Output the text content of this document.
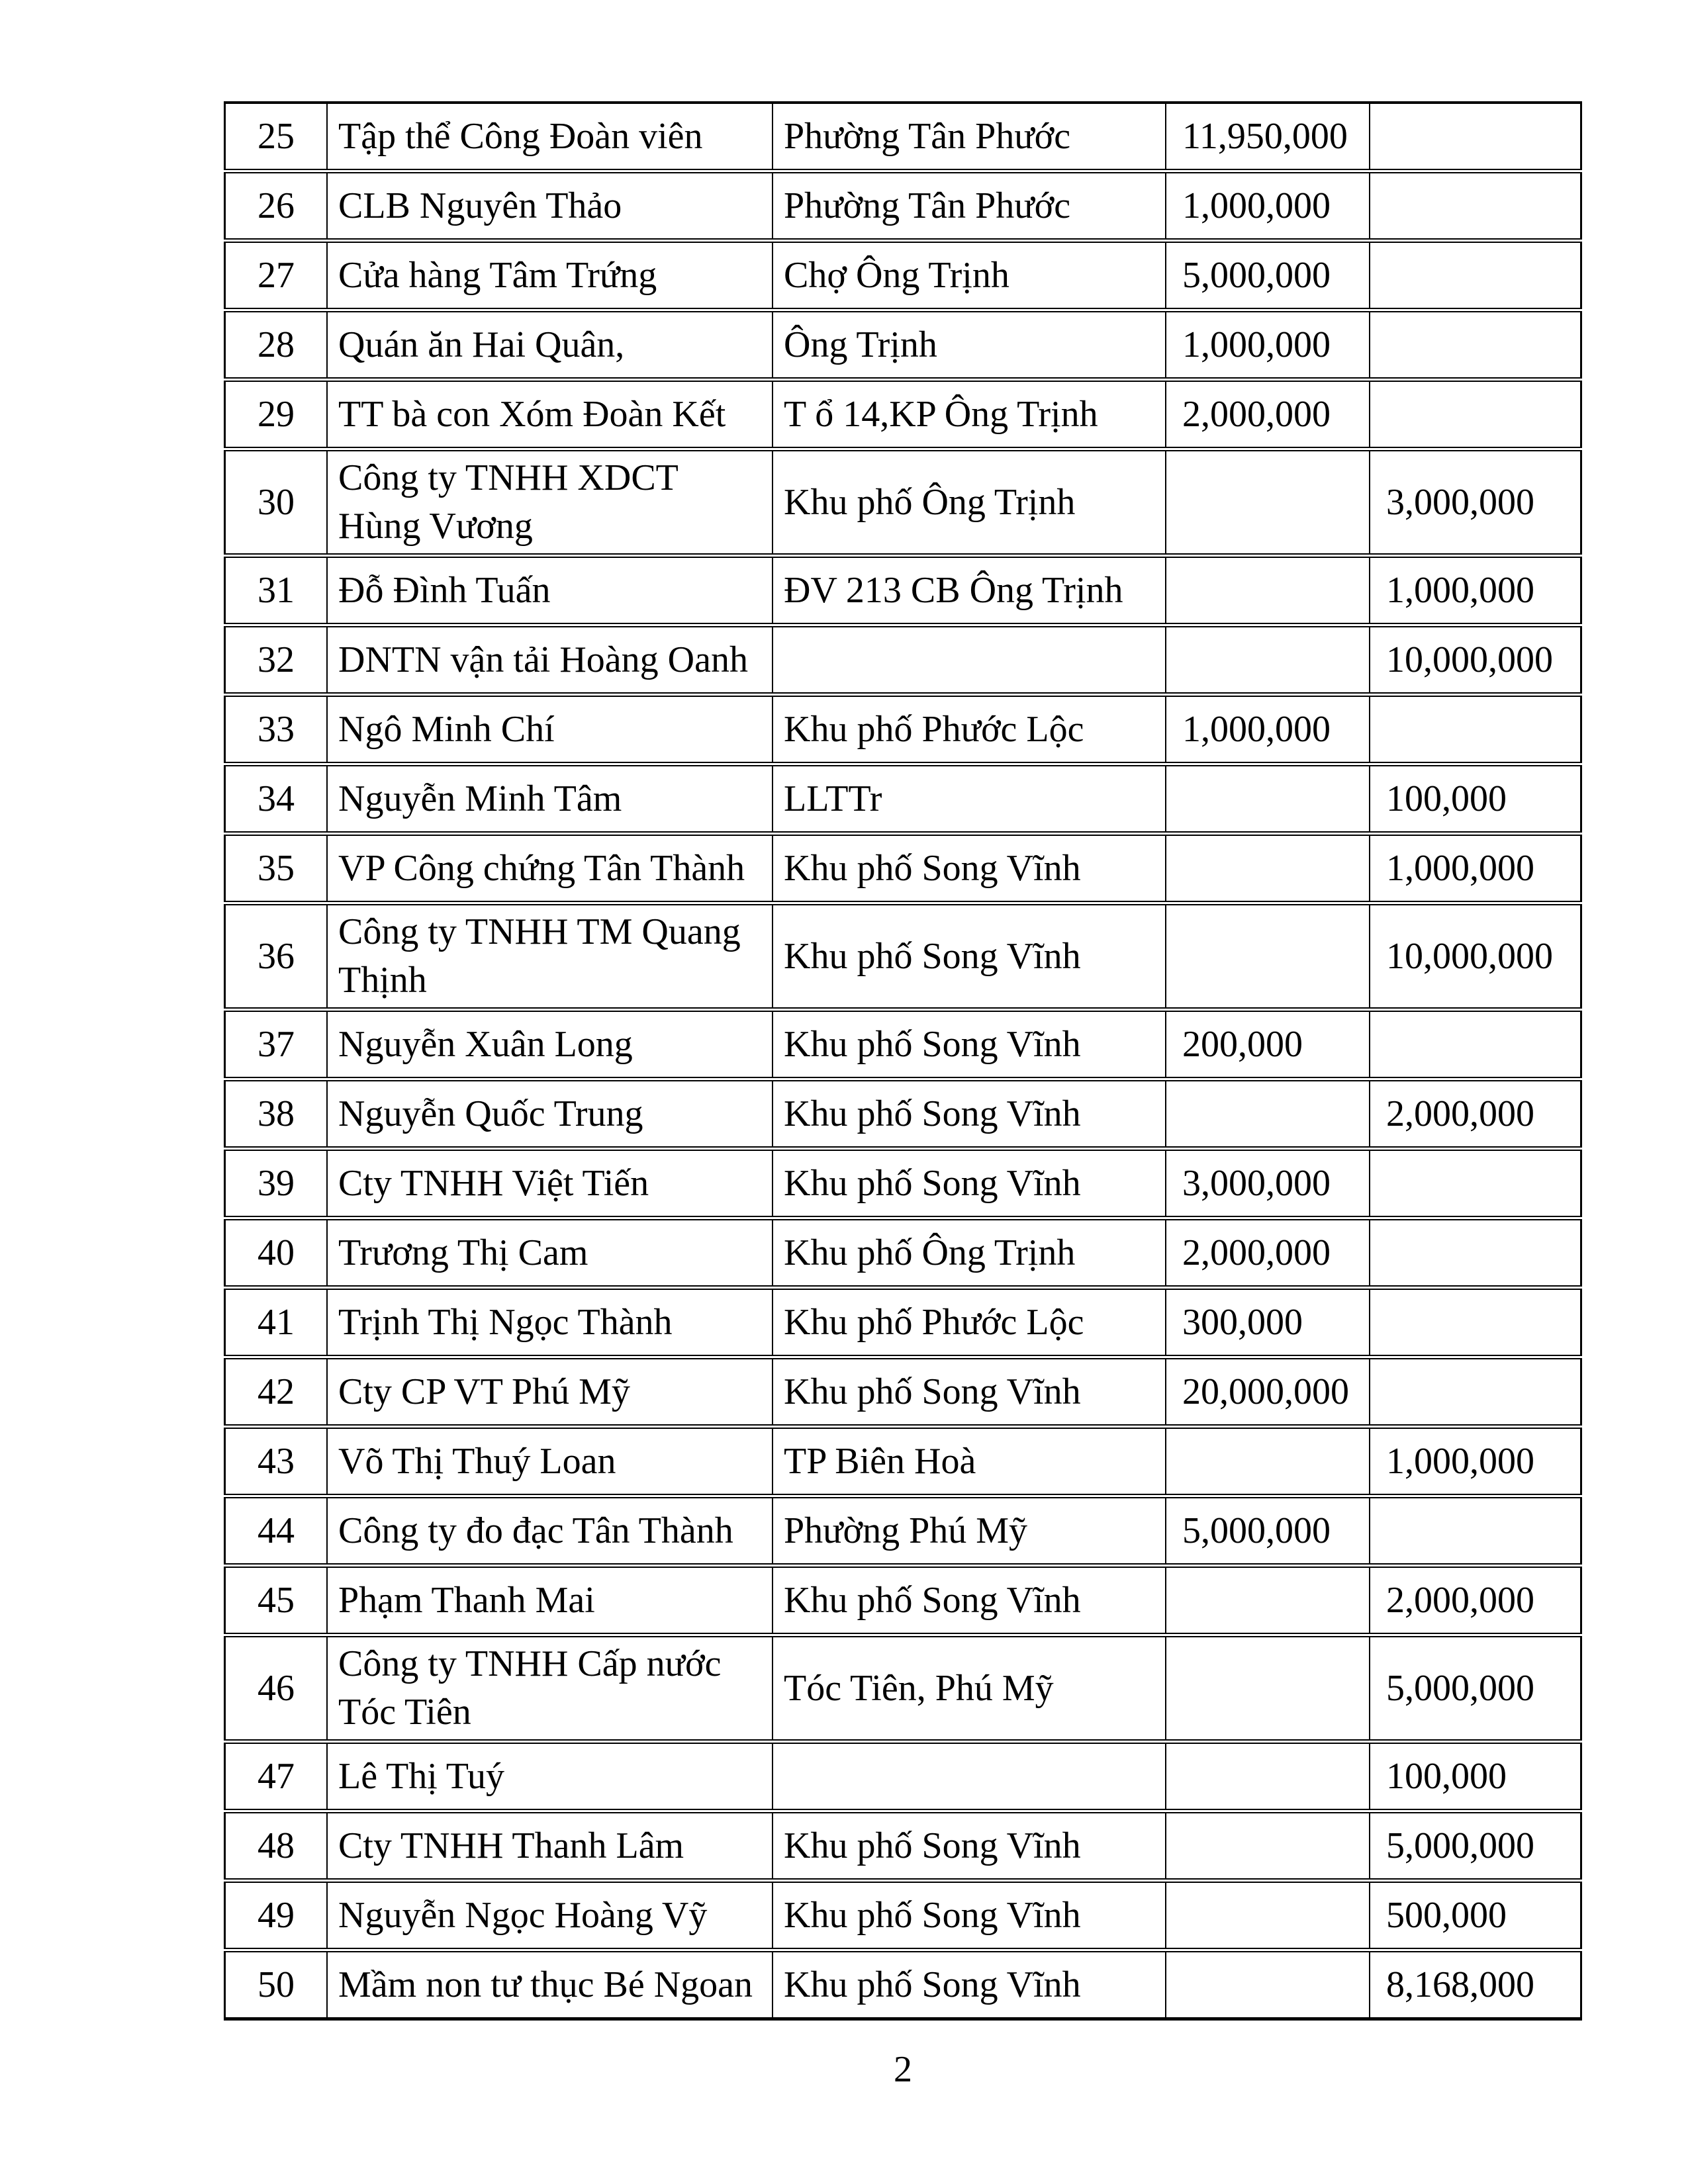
25	Tập thể Công Đoàn viên	Phường Tân Phước	11,950,000	
26	CLB Nguyên Thảo	Phường Tân Phước	1,000,000	
27	Cửa hàng Tâm Trứng	Chợ Ông Trịnh	5,000,000	
28	Quán ăn Hai Quân,	Ông Trịnh	1,000,000	
29	TT bà con Xóm Đoàn Kết	T ổ 14,KP Ông Trịnh	2,000,000	
30	Công ty TNHH XDCT Hùng Vương	Khu phố Ông Trịnh		3,000,000
31	Đỗ Đình Tuấn	ĐV 213 CB Ông Trịnh		1,000,000
32	DNTN vận tải Hoàng Oanh			10,000,000
33	Ngô Minh Chí	Khu phố Phước Lộc	1,000,000	
34	Nguyễn Minh Tâm	LLTTr		100,000
35	VP Công chứng Tân Thành	Khu phố Song Vĩnh		1,000,000
36	Công ty TNHH TM Quang Thịnh	Khu phố Song Vĩnh		10,000,000
37	Nguyễn Xuân Long	Khu phố Song Vĩnh	200,000	
38	Nguyễn Quốc Trung	Khu phố Song Vĩnh		2,000,000
39	Cty TNHH Việt Tiến	Khu phố Song Vĩnh	3,000,000	
40	Trương Thị Cam	Khu phố Ông Trịnh	2,000,000	
41	Trịnh Thị Ngọc Thành	Khu phố Phước Lộc	300,000	
42	Cty CP VT Phú Mỹ	Khu phố Song Vĩnh	20,000,000	
43	Võ Thị Thuý Loan	TP Biên Hoà		1,000,000
44	Công ty đo đạc Tân Thành	Phường Phú Mỹ	5,000,000	
45	Phạm Thanh Mai	Khu phố Song Vĩnh		2,000,000
46	Công ty TNHH Cấp nước Tóc Tiên	Tóc Tiên, Phú Mỹ		5,000,000
47	Lê Thị Tuý			100,000
48	Cty TNHH Thanh Lâm	Khu phố Song Vĩnh		5,000,000
49	Nguyễn Ngọc Hoàng Vỹ	Khu phố Song Vĩnh		500,000
50	Mầm non tư thục Bé Ngoan	Khu phố Song Vĩnh		8,168,000
2
